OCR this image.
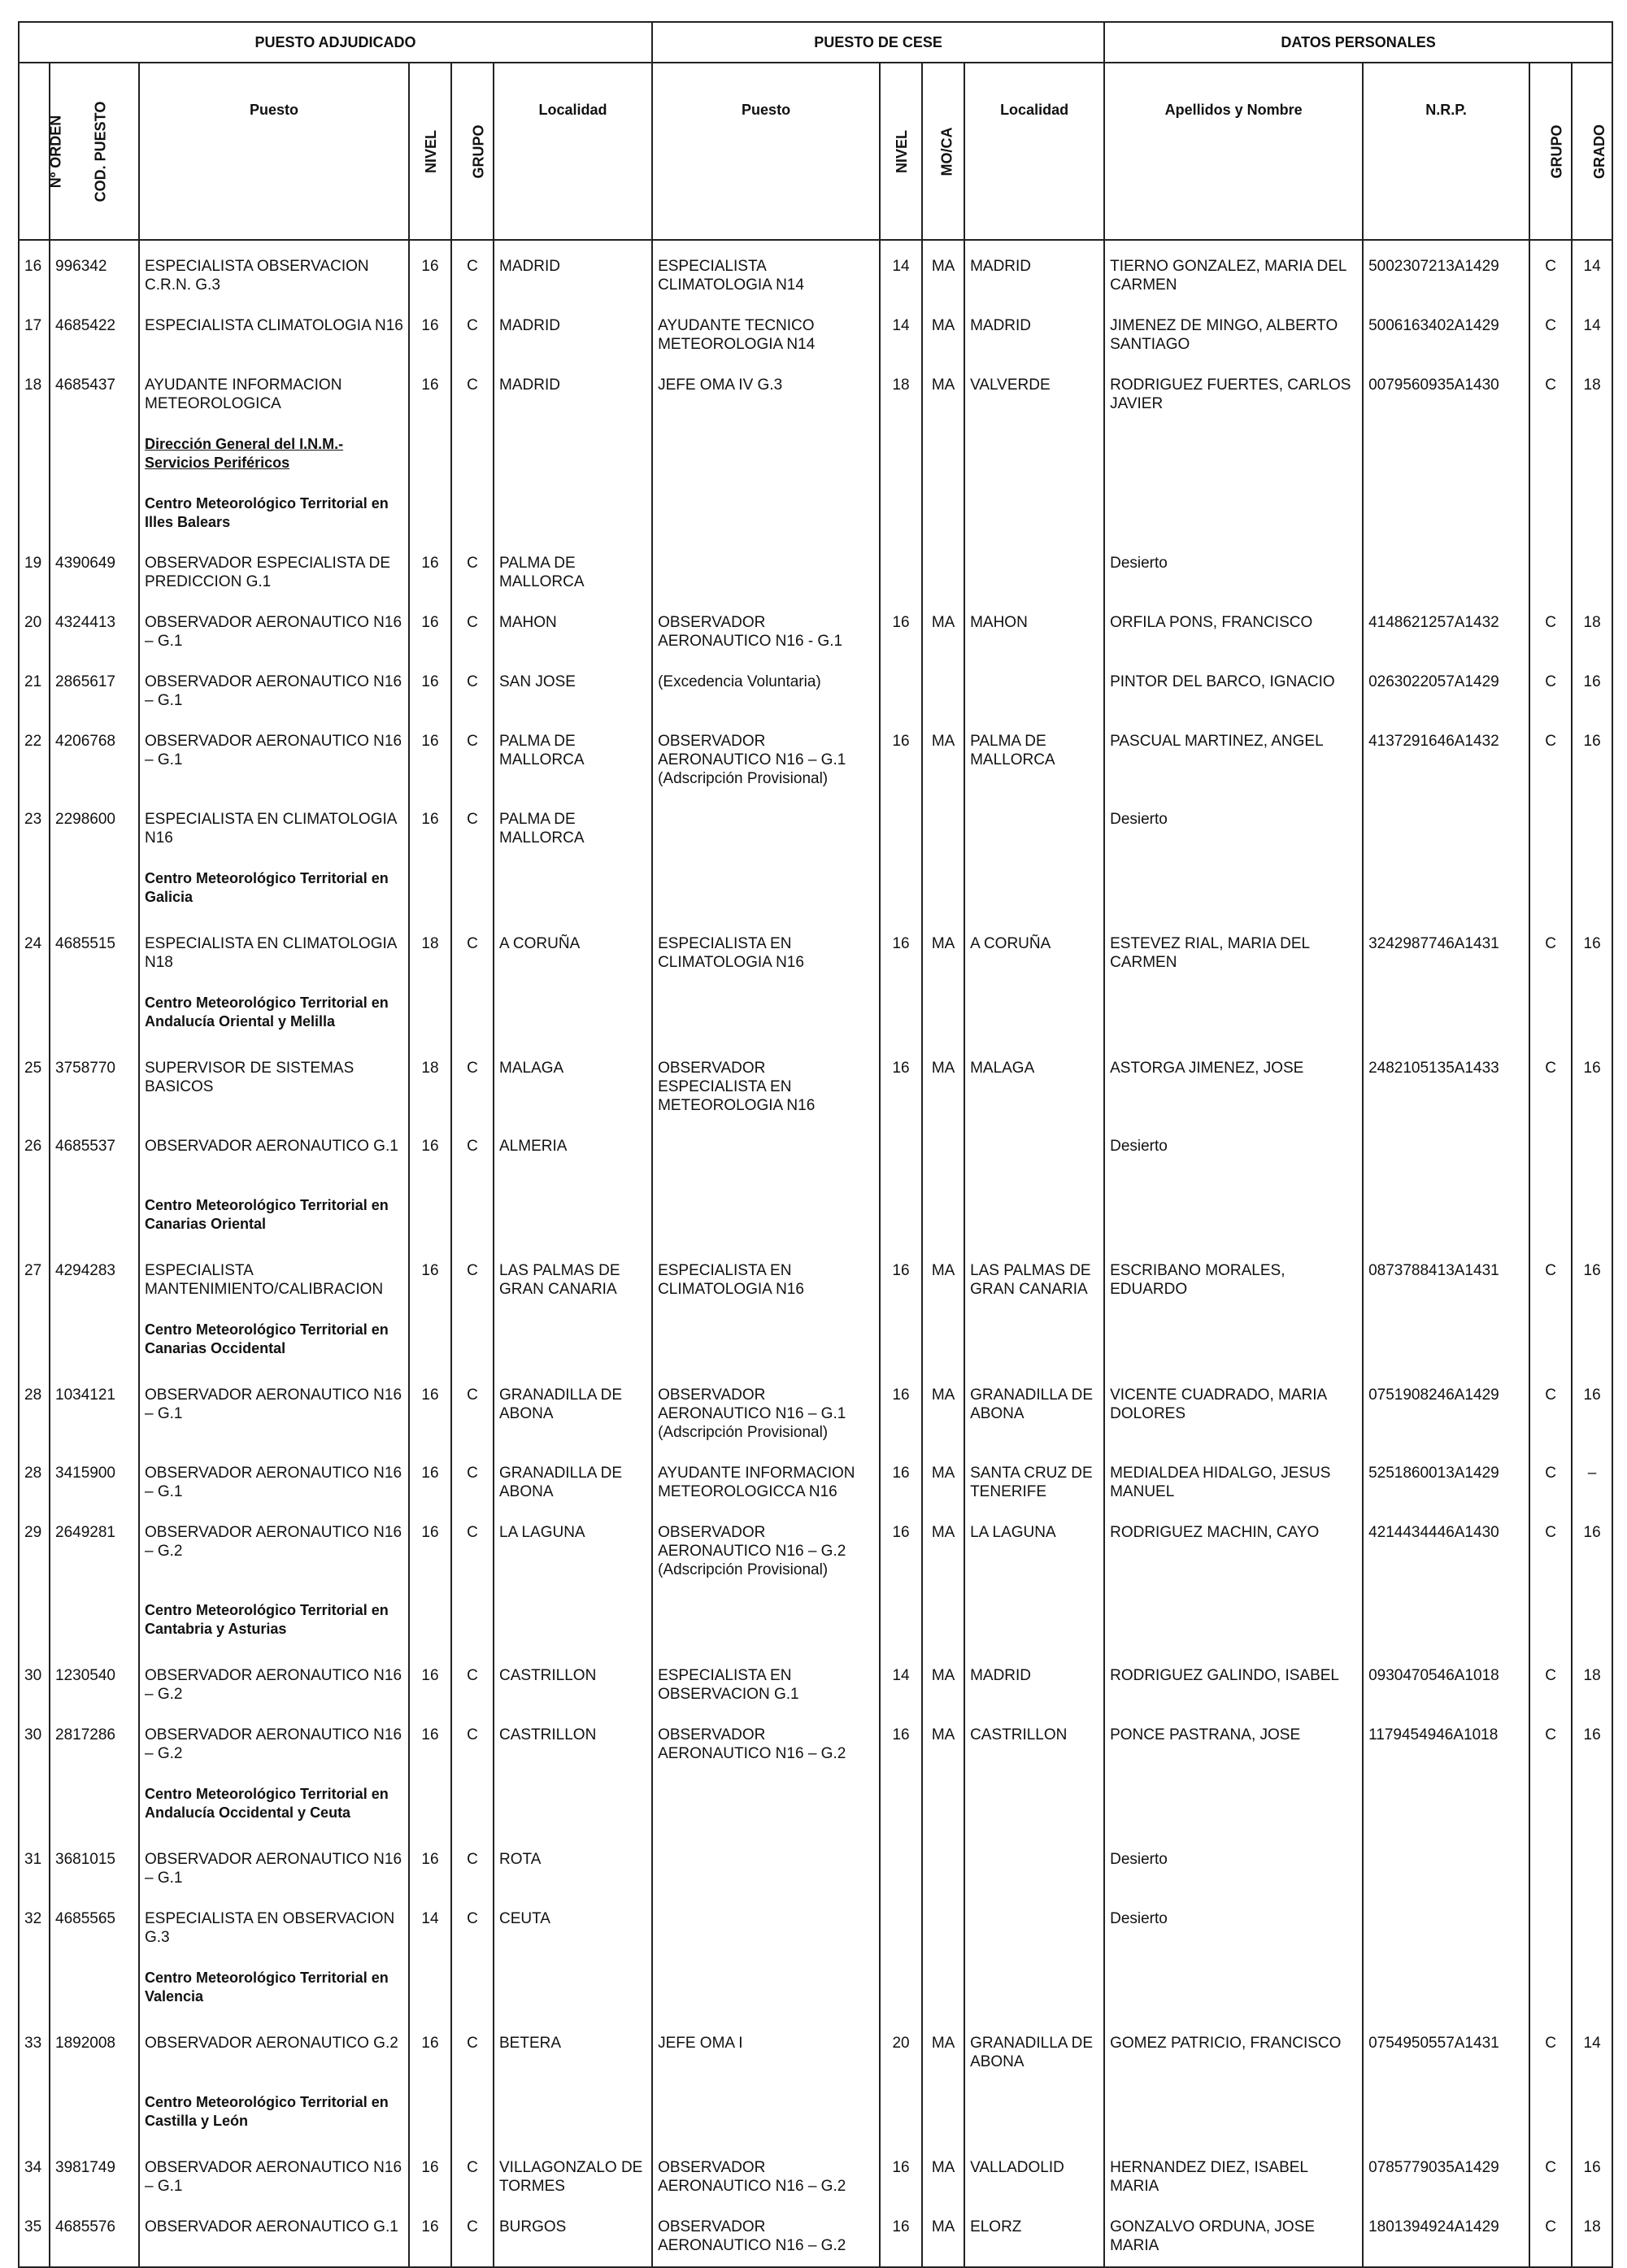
PUESTO ADJUDICADO						PUESTO DE CESE				DATOS PERSONALES			
Nº ORDEN	COD. PUESTO	Puesto	NIVEL	GRUPO	Localidad	Puesto	NIVEL	MO/CA	Localidad	Apellidos y Nombre	N.R.P.	GRUPO	GRADO

16	996342	ESPECIALISTA OBSERVACION C.R.N. G.3	16	C	MADRID	ESPECIALISTA CLIMATOLOGIA N14	14	MA	MADRID	TIERNO GONZALEZ, MARIA DEL CARMEN	5002307213A1429	C	14
17	4685422	ESPECIALISTA CLIMATOLOGIA N16	16	C	MADRID	AYUDANTE TECNICO METEOROLOGIA N14	14	MA	MADRID	JIMENEZ DE MINGO, ALBERTO SANTIAGO	5006163402A1429	C	14
18	4685437	AYUDANTE INFORMACION METEOROLOGICA	16	C	MADRID	JEFE OMA IV G.3	18	MA	VALVERDE	RODRIGUEZ FUERTES, CARLOS JAVIER	0079560935A1430	C	18
		Dirección General del I.N.M.- Servicios Periféricos											
		Centro Meteorológico Territorial en Illes Balears											
19	4390649	OBSERVADOR ESPECIALISTA DE PREDICCION G.1	16	C	PALMA DE MALLORCA					Desierto			
20	4324413	OBSERVADOR AERONAUTICO N16 – G.1	16	C	MAHON	OBSERVADOR AERONAUTICO N16 - G.1	16	MA	MAHON	ORFILA PONS, FRANCISCO	4148621257A1432	C	18
21	2865617	OBSERVADOR AERONAUTICO N16 – G.1	16	C	SAN JOSE	(Excedencia Voluntaria)				PINTOR DEL BARCO, IGNACIO	0263022057A1429	C	16
22	4206768	OBSERVADOR AERONAUTICO N16 – G.1	16	C	PALMA DE MALLORCA	OBSERVADOR AERONAUTICO N16 – G.1 (Adscripción Provisional)	16	MA	PALMA DE MALLORCA	PASCUAL MARTINEZ, ANGEL	4137291646A1432	C	16
23	2298600	ESPECIALISTA EN CLIMATOLOGIA N16	16	C	PALMA DE MALLORCA					Desierto			
		Centro Meteorológico Territorial en Galicia											
24	4685515	ESPECIALISTA EN CLIMATOLOGIA N18	18	C	A CORUÑA	ESPECIALISTA EN CLIMATOLOGIA N16	16	MA	A CORUÑA	ESTEVEZ RIAL, MARIA DEL CARMEN	3242987746A1431	C	16
		Centro Meteorológico Territorial en Andalucía Oriental y Melilla											
25	3758770	SUPERVISOR DE SISTEMAS BASICOS	18	C	MALAGA	OBSERVADOR ESPECIALISTA EN METEOROLOGIA N16	16	MA	MALAGA	ASTORGA JIMENEZ, JOSE	2482105135A1433	C	16
26	4685537	OBSERVADOR AERONAUTICO G.1	16	C	ALMERIA					Desierto			
		Centro Meteorológico Territorial en Canarias Oriental											
27	4294283	ESPECIALISTA MANTENIMIENTO/CALIBRACION	16	C	LAS PALMAS DE GRAN CANARIA	ESPECIALISTA EN CLIMATOLOGIA N16	16	MA	LAS PALMAS DE GRAN CANARIA	ESCRIBANO MORALES, EDUARDO	0873788413A1431	C	16
		Centro Meteorológico Territorial en Canarias Occidental											
28	1034121	OBSERVADOR AERONAUTICO N16 – G.1	16	C	GRANADILLA DE ABONA	OBSERVADOR AERONAUTICO N16 – G.1 (Adscripción Provisional)	16	MA	GRANADILLA DE ABONA	VICENTE CUADRADO, MARIA DOLORES	0751908246A1429	C	16
28	3415900	OBSERVADOR AERONAUTICO N16 – G.1	16	C	GRANADILLA DE ABONA	AYUDANTE INFORMACION METEOROLOGICCA N16	16	MA	SANTA CRUZ DE TENERIFE	MEDIALDEA HIDALGO, JESUS MANUEL	5251860013A1429	C	–
29	2649281	OBSERVADOR AERONAUTICO N16 – G.2	16	C	LA LAGUNA	OBSERVADOR AERONAUTICO N16 – G.2 (Adscripción Provisional)	16	MA	LA LAGUNA	RODRIGUEZ MACHIN, CAYO	4214434446A1430	C	16
		Centro Meteorológico Territorial en Cantabria y Asturias											
30	1230540	OBSERVADOR AERONAUTICO N16 – G.2	16	C	CASTRILLON	ESPECIALISTA EN OBSERVACION G.1	14	MA	MADRID	RODRIGUEZ GALINDO, ISABEL	0930470546A1018	C	18
30	2817286	OBSERVADOR AERONAUTICO N16 – G.2	16	C	CASTRILLON	OBSERVADOR AERONAUTICO N16 – G.2	16	MA	CASTRILLON	PONCE PASTRANA, JOSE	1179454946A1018	C	16
		Centro Meteorológico Territorial en Andalucía Occidental y Ceuta											
31	3681015	OBSERVADOR AERONAUTICO N16 – G.1	16	C	ROTA					Desierto			
32	4685565	ESPECIALISTA EN OBSERVACION G.3	14	C	CEUTA					Desierto			
		Centro Meteorológico Territorial en Valencia											
33	1892008	OBSERVADOR AERONAUTICO G.2	16	C	BETERA	JEFE OMA I	20	MA	GRANADILLA DE ABONA	GOMEZ PATRICIO, FRANCISCO	0754950557A1431	C	14
		Centro Meteorológico Territorial en Castilla y León											
34	3981749	OBSERVADOR AERONAUTICO N16 – G.1	16	C	VILLAGONZALO DE TORMES	OBSERVADOR AERONAUTICO N16 – G.2	16	MA	VALLADOLID	HERNANDEZ DIEZ, ISABEL MARIA	0785779035A1429	C	16
35	4685576	OBSERVADOR AERONAUTICO G.1	16	C	BURGOS	OBSERVADOR AERONAUTICO N16 – G.2	16	MA	ELORZ	GONZALVO ORDUNA, JOSE MARIA	1801394924A1429	C	18
